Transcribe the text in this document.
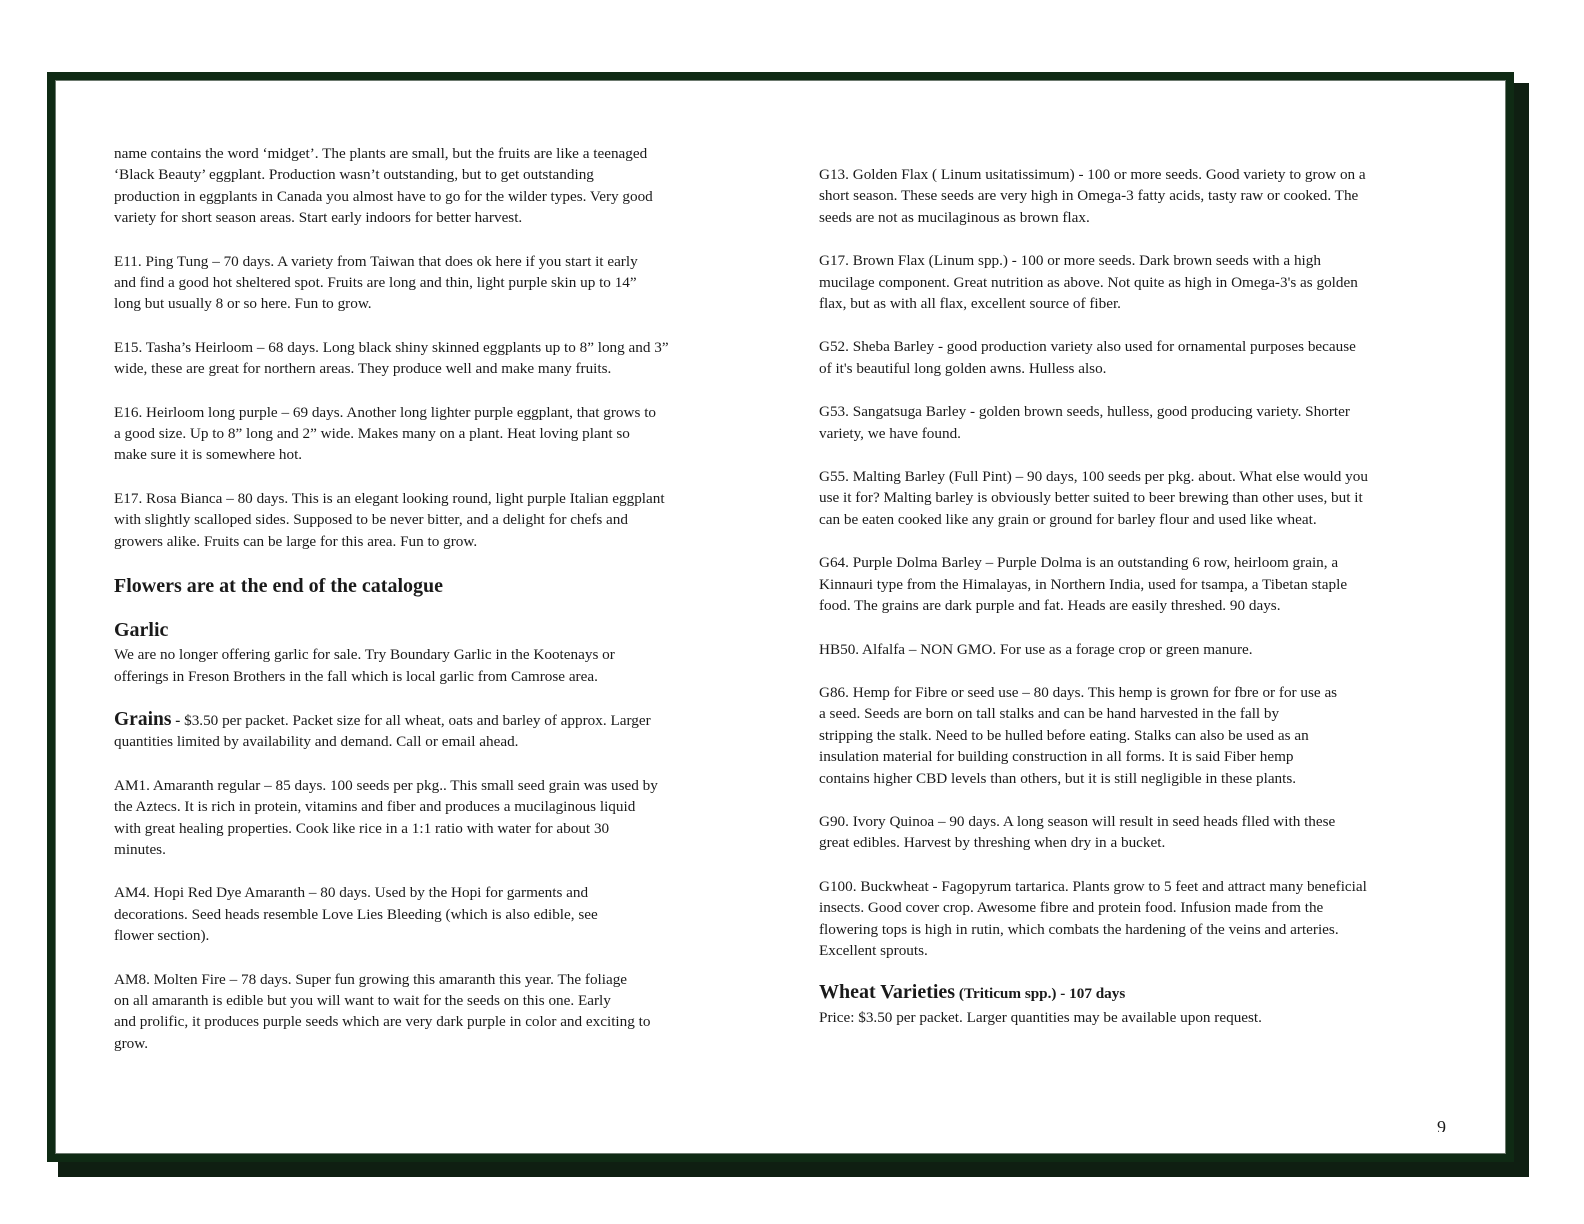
name contains the word ‘midget’. The plants are small, but the fruits are like a teenaged
‘Black Beauty’ eggplant. Production wasn’t outstanding, but to get outstanding
production in eggplants in Canada you almost have to go for the wilder types. Very good
variety for short season areas. Start early indoors for better harvest.

E11. Ping Tung – 70 days. A variety from Taiwan that does ok here if you start it early
and find a good hot sheltered spot. Fruits are long and thin, light purple skin up to 14”
long but usually 8 or so here. Fun to grow.

E15. Tasha’s Heirloom – 68 days. Long black shiny skinned eggplants up to 8” long and 3”
wide, these are great for northern areas. They produce well and make many fruits.

E16. Heirloom long purple – 69 days. Another long lighter purple eggplant, that grows to
a good size. Up to 8” long and 2” wide. Makes many on a plant. Heat loving plant so
make sure it is somewhere hot.

E17. Rosa Bianca – 80 days. This is an elegant looking round, light purple Italian eggplant
with slightly scalloped sides. Supposed to be never bitter, and a delight for chefs and
growers alike. Fruits can be large for this area. Fun to grow.

Flowers are at the end of the catalogue
Garlic

We are no longer offering garlic for sale. Try Boundary Garlic in the Kootenays or
offerings in Freson Brothers in the fall which is local garlic from Camrose area.

Grains - $3.50 per packet. Packet size for all wheat, oats and barley of approx. Larger
quantities limited by availability and demand. Call or email ahead.

AM1. Amaranth regular – 85 days. 100 seeds per pkg.. This small seed grain was used by
the Aztecs. It is rich in protein, vitamins and fiber and produces a mucilaginous liquid
with great healing properties. Cook like rice in a 1:1 ratio with water for about 30
minutes.

AM4. Hopi Red Dye Amaranth – 80 days. Used by the Hopi for garments and
decorations. Seed heads resemble Love Lies Bleeding (which is also edible, see
flower section).

AM8. Molten Fire – 78 days. Super fun growing this amaranth this year. The foliage
on all amaranth is edible but you will want to wait for the seeds on this one. Early
and prolific, it produces purple seeds which are very dark purple in color and exciting to
grow.

G13. Golden Flax ( Linum usitatissimum) - 100 or more seeds. Good variety to grow on a
short season. These seeds are very high in Omega-3 fatty acids, tasty raw or cooked. The
seeds are not as mucilaginous as brown flax.

G17. Brown Flax (Linum spp.) - 100 or more seeds. Dark brown seeds with a high
mucilage component. Great nutrition as above. Not quite as high in Omega-3's as golden
flax, but as with all flax, excellent source of fiber.

G52. Sheba Barley - good production variety also used for ornamental purposes because
of it's beautiful long golden awns. Hulless also.

G53. Sangatsuga Barley - golden brown seeds, hulless, good producing variety. Shorter
variety, we have found.

G55. Malting Barley (Full Pint) – 90 days, 100 seeds per pkg. about. What else would you
use it for? Malting barley is obviously better suited to beer brewing than other uses, but it
can be eaten cooked like any grain or ground for barley flour and used like wheat.

G64. Purple Dolma Barley – Purple Dolma is an outstanding 6 row, heirloom grain, a
Kinnauri type from the Himalayas, in Northern India, used for tsampa, a Tibetan staple
food. The grains are dark purple and fat. Heads are easily threshed. 90 days.

HB50. Alfalfa – NON GMO. For use as a forage crop or green manure.

G86. Hemp for Fibre or seed use – 80 days. This hemp is grown for fbre or for use as
a seed. Seeds are born on tall stalks and can be hand harvested in the fall by
stripping the stalk. Need to be hulled before eating. Stalks can also be used as an
insulation material for building construction in all forms. It is said Fiber hemp
contains higher CBD levels than others, but it is still negligible in these plants.

G90. Ivory Quinoa – 90 days. A long season will result in seed heads flled with these
great edibles. Harvest by threshing when dry in a bucket.

G100. Buckwheat - Fagopyrum tartarica. Plants grow to 5 feet and attract many beneficial
insects. Good cover crop. Awesome fibre and protein food. Infusion made from the
flowering tops is high in rutin, which combats the hardening of the veins and arteries.
Excellent sprouts.

Wheat Varieties (Triticum spp.) - 107 days

Price: $3.50 per packet. Larger quantities may be available upon request.

9
